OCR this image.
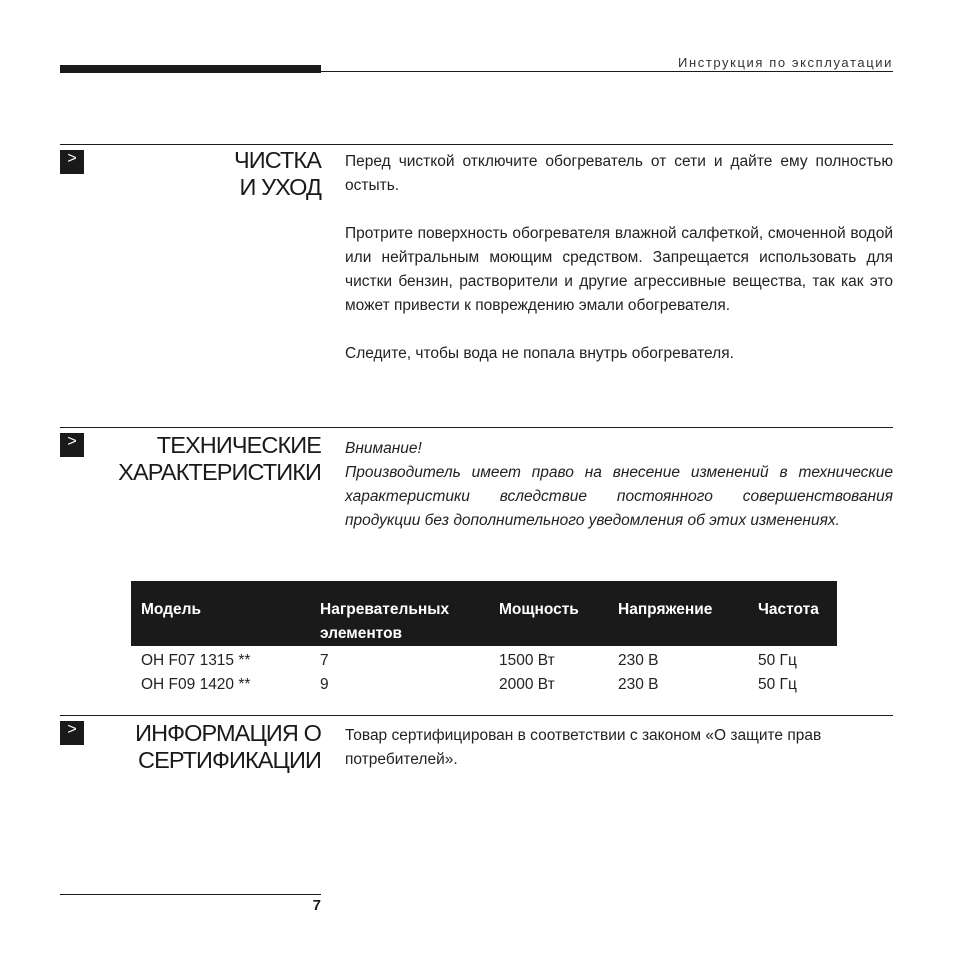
Инструкция по эксплуатации
>	ЧИСТКА
И УХОД

Перед чисткой отключите обогреватель от сети и дайте ему полностью остыть.

Протрите поверхность обогревателя влажной салфеткой, смоченной водой или нейтральным моющим средством. Запрещается использовать для чистки бензин, растворители и другие агрессивные вещества, так как это может привести к повреждению эмали обогревателя.

Следите, чтобы вода не попала внутрь обогревателя.

>	ТЕХНИЧЕСКИЕ
ХАРАКТЕРИСТИКИ

Внимание!

Производитель имеет право на внесение изменений в технические характеристики вследствие постоянного совершенствования продукции без дополнительного уведомления об этих изменениях.

Модель	Нагревательных элементов	Мощность	Напряжение	Частота
OH F07 1315 **	7	1500 Вт	230 В	50 Гц
OH F09 1420 **	9	2000 Вт	230 В	50 Гц
>	ИНФОРМАЦИЯ О
СЕРТИФИКАЦИИ

Товар сертифицирован в соответствии с законом «О защите прав потребителей».

7
